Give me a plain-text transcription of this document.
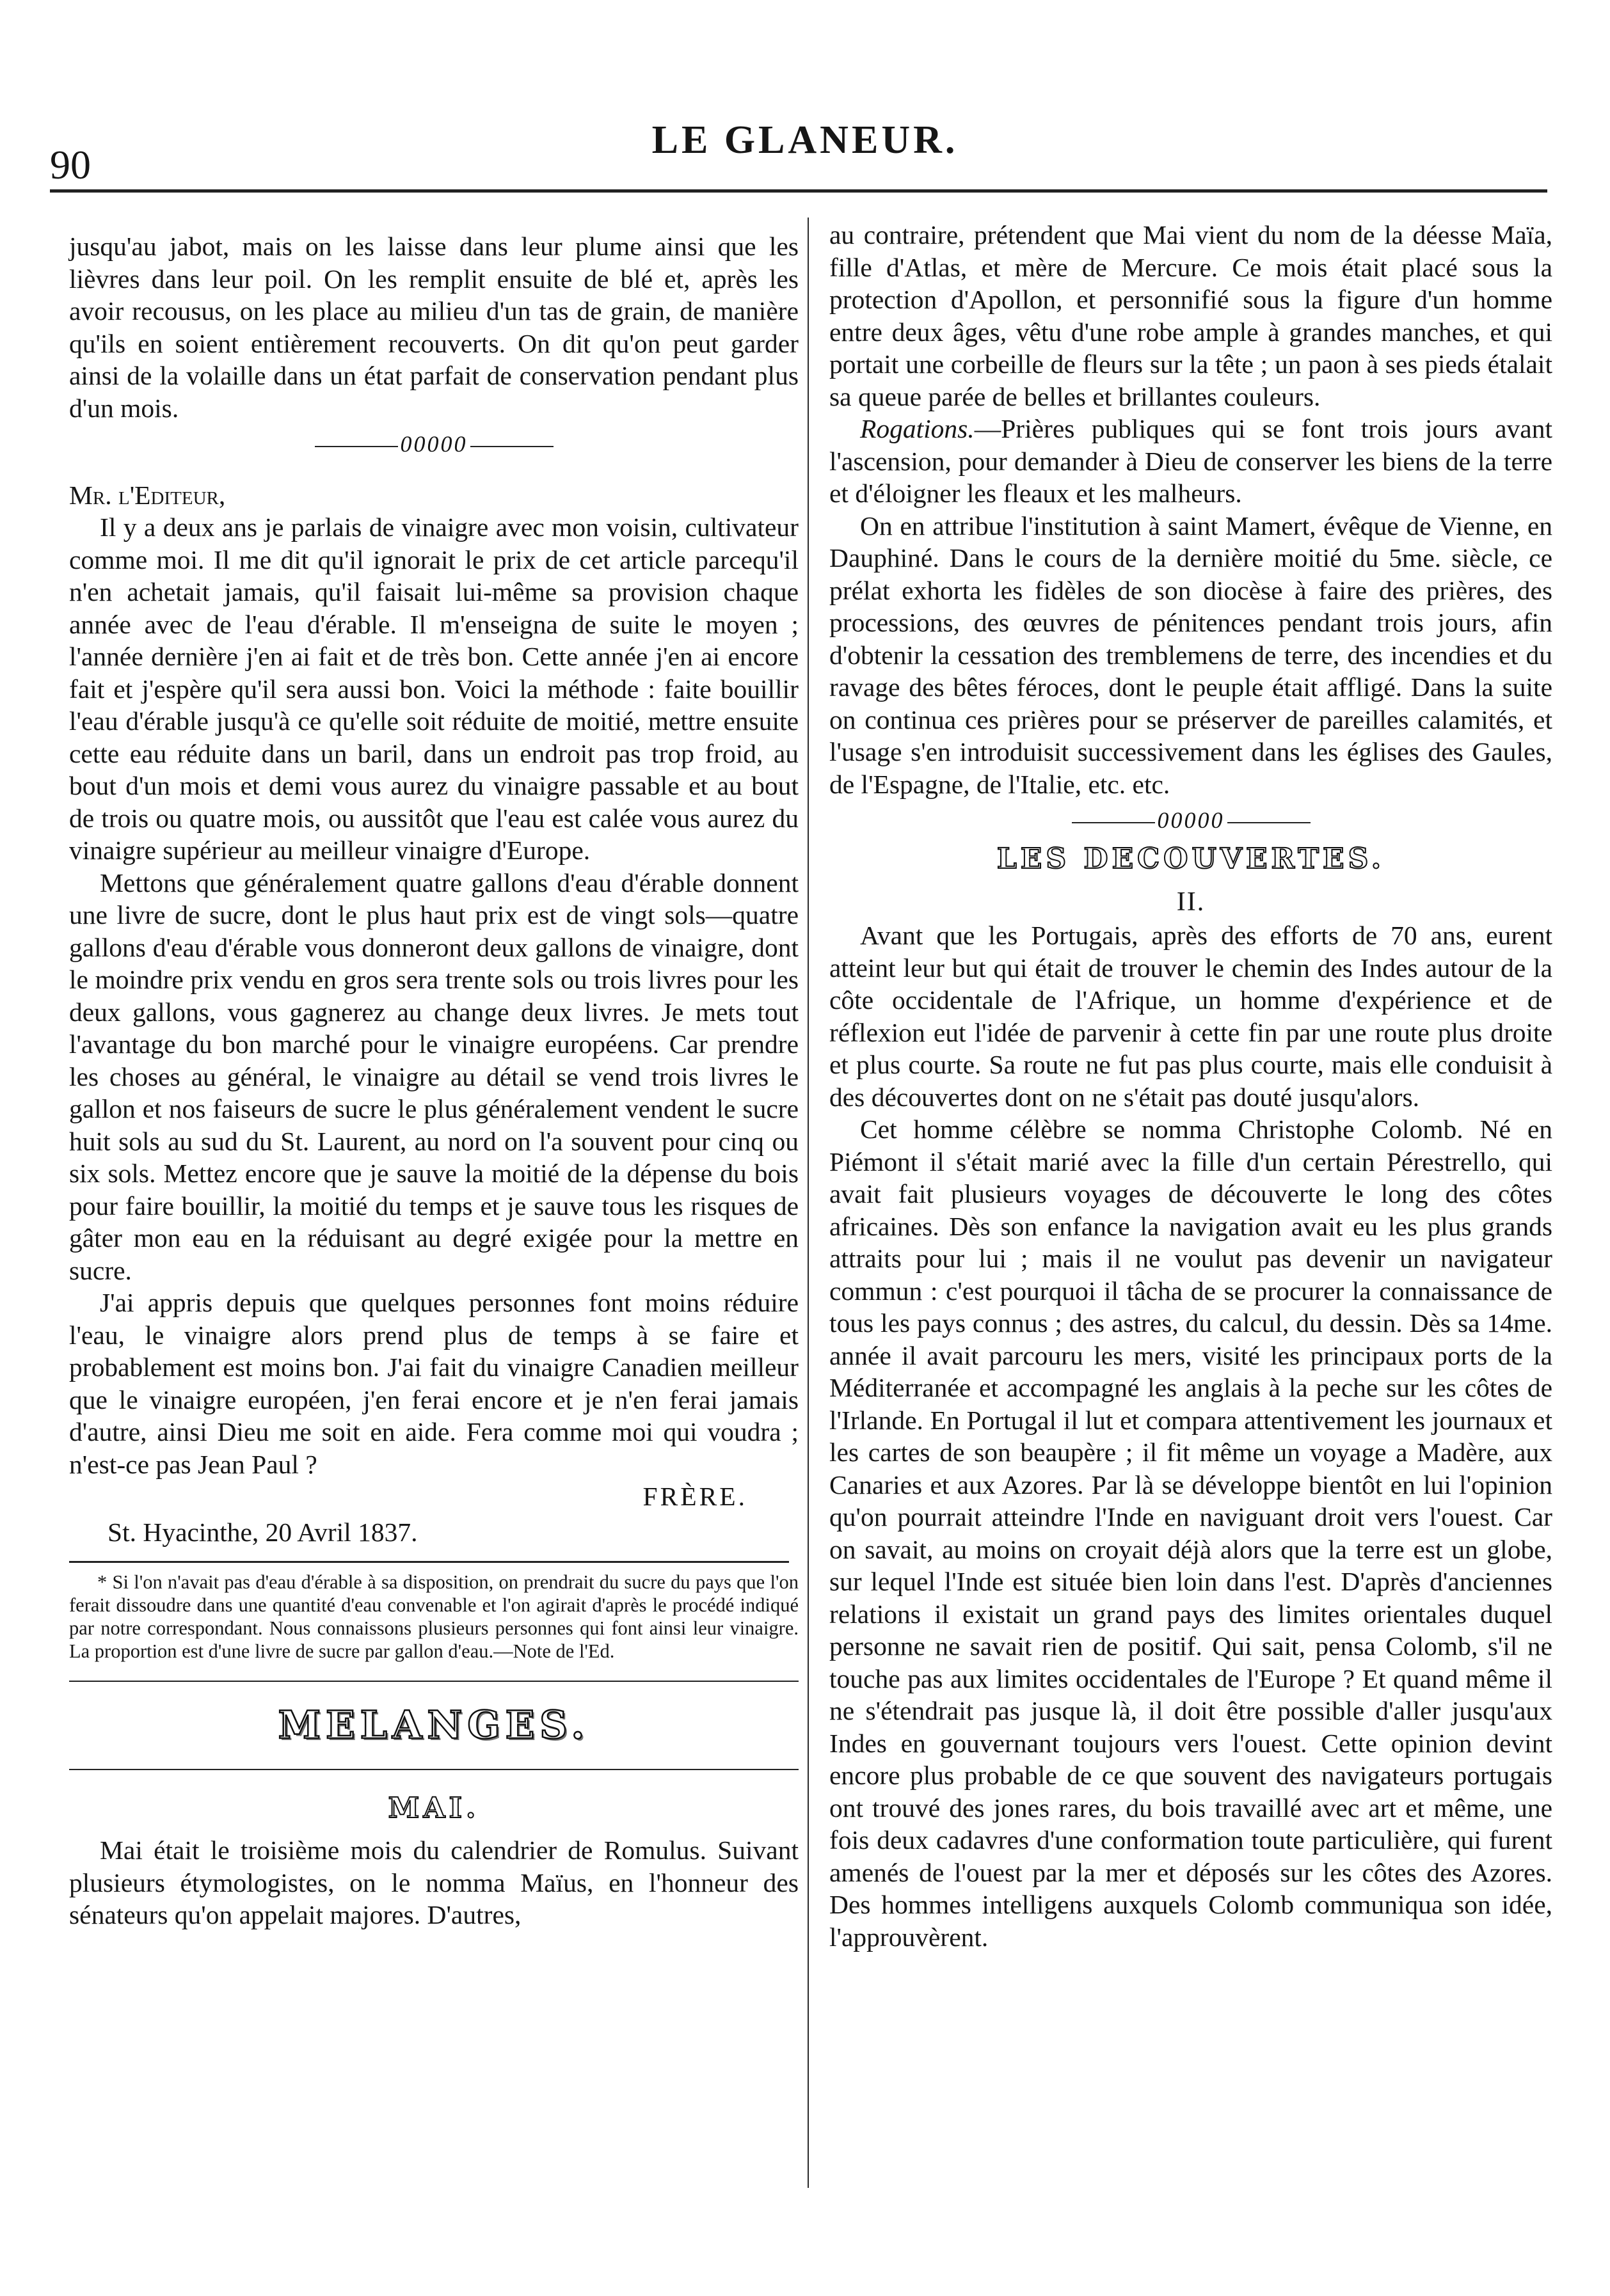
90
LE GLANEUR.

jusqu'au jabot, mais on les laisse dans leur plume ainsi que les lièvres dans leur poil. On les remplit ensuite de blé et, après les avoir recousus, on les place au milieu d'un tas de grain, de manière qu'ils en soient entièrement recouverts. On dit qu'on peut garder ainsi de la volaille dans un état parfait de conservation pendant plus d'un mois.

00000

Mr. l'Editeur,

Il y a deux ans je parlais de vinaigre avec mon voisin, cultivateur comme moi. Il me dit qu'il ignorait le prix de cet article parcequ'il n'en achetait jamais, qu'il faisait lui-même sa provision chaque année avec de l'eau d'érable. Il m'enseigna de suite le moyen ; l'année dernière j'en ai fait et de très bon. Cette année j'en ai encore fait et j'espère qu'il sera aussi bon. Voici la méthode : faite bouillir l'eau d'érable jusqu'à ce qu'elle soit réduite de moitié, mettre ensuite cette eau réduite dans un baril, dans un endroit pas trop froid, au bout d'un mois et demi vous aurez du vinaigre passable et au bout de trois ou quatre mois, ou aussitôt que l'eau est calée vous aurez du vinaigre supérieur au meilleur vinaigre d'Europe.

Mettons que généralement quatre gallons d'eau d'érable donnent une livre de sucre, dont le plus haut prix est de vingt sols—quatre gallons d'eau d'érable vous donneront deux gallons de vinaigre, dont le moindre prix vendu en gros sera trente sols ou trois livres pour les deux gallons, vous gagnerez au change deux livres. Je mets tout l'avantage du bon marché pour le vinaigre européens. Car prendre les choses au général, le vinaigre au détail se vend trois livres le gallon et nos faiseurs de sucre le plus généralement vendent le sucre huit sols au sud du St. Laurent, au nord on l'a souvent pour cinq ou six sols. Mettez encore que je sauve la moitié de la dépense du bois pour faire bouillir, la moitié du temps et je sauve tous les risques de gâter mon eau en la réduisant au degré exigée pour la mettre en sucre.

J'ai appris depuis que quelques personnes font moins réduire l'eau, le vinaigre alors prend plus de temps à se faire et probablement est moins bon. J'ai fait du vinaigre Canadien meilleur que le vinaigre européen, j'en ferai encore et je n'en ferai jamais d'autre, ainsi Dieu me soit en aide. Fera comme moi qui voudra ; n'est-ce pas Jean Paul ?

FRÈRE.

St. Hyacinthe, 20 Avril 1837.

* Si l'on n'avait pas d'eau d'érable à sa disposition, on prendrait du sucre du pays que l'on ferait dissoudre dans une quantité d'eau convenable et l'on agirait d'après le procédé indiqué par notre correspondant. Nous connaissons plusieurs personnes qui font ainsi leur vinaigre. La proportion est d'une livre de sucre par gallon d'eau.—Note de l'Ed.

MELANGES.
MAI.

Mai était le troisième mois du calendrier de Romulus. Suivant plusieurs étymologistes, on le nomma Maïus, en l'honneur des sénateurs qu'on appelait majores. D'autres,

au contraire, prétendent que Mai vient du nom de la déesse Maïa, fille d'Atlas, et mère de Mercure. Ce mois était placé sous la protection d'Apollon, et personnifié sous la figure d'un homme entre deux âges, vêtu d'une robe ample à grandes manches, et qui portait une corbeille de fleurs sur la tête ; un paon à ses pieds étalait sa queue parée de belles et brillantes couleurs.

Rogations.—Prières publiques qui se font trois jours avant l'ascension, pour demander à Dieu de conserver les biens de la terre et d'éloigner les fleaux et les malheurs.

On en attribue l'institution à saint Mamert, évêque de Vienne, en Dauphiné. Dans le cours de la dernière moitié du 5me. siècle, ce prélat exhorta les fidèles de son diocèse à faire des prières, des processions, des œuvres de pénitences pendant trois jours, afin d'obtenir la cessation des tremblemens de terre, des incendies et du ravage des bêtes féroces, dont le peuple était affligé. Dans la suite on continua ces prières pour se préserver de pareilles calamités, et l'usage s'en introduisit successivement dans les églises des Gaules, de l'Espagne, de l'Italie, etc. etc.

00000
LES DECOUVERTES.

II.

Avant que les Portugais, après des efforts de 70 ans, eurent atteint leur but qui était de trouver le chemin des Indes autour de la côte occidentale de l'Afrique, un homme d'expérience et de réflexion eut l'idée de parvenir à cette fin par une route plus droite et plus courte. Sa route ne fut pas plus courte, mais elle conduisit à des découvertes dont on ne s'était pas douté jusqu'alors.

Cet homme célèbre se nomma Christophe Colomb. Né en Piémont il s'était marié avec la fille d'un certain Pérestrello, qui avait fait plusieurs voyages de découverte le long des côtes africaines. Dès son enfance la navigation avait eu les plus grands attraits pour lui ; mais il ne voulut pas devenir un navigateur commun : c'est pourquoi il tâcha de se procurer la connaissance de tous les pays connus ; des astres, du calcul, du dessin. Dès sa 14me. année il avait parcouru les mers, visité les principaux ports de la Méditerranée et accompagné les anglais à la peche sur les côtes de l'Irlande. En Portugal il lut et compara attentivement les journaux et les cartes de son beaupère ; il fit même un voyage a Madère, aux Canaries et aux Azores. Par là se développe bientôt en lui l'opinion qu'on pourrait atteindre l'Inde en naviguant droit vers l'ouest. Car on savait, au moins on croyait déjà alors que la terre est un globe, sur lequel l'Inde est située bien loin dans l'est. D'après d'anciennes relations il existait un grand pays des limites orientales duquel personne ne savait rien de positif. Qui sait, pensa Colomb, s'il ne touche pas aux limites occidentales de l'Europe ? Et quand même il ne s'étendrait pas jusque là, il doit être possible d'aller jusqu'aux Indes en gouvernant toujours vers l'ouest. Cette opinion devint encore plus probable de ce que souvent des navigateurs portugais ont trouvé des jones rares, du bois travaillé avec art et même, une fois deux cadavres d'une conformation toute particulière, qui furent amenés de l'ouest par la mer et déposés sur les côtes des Azores. Des hommes intelligens auxquels Colomb communiqua son idée, l'approuvèrent.
